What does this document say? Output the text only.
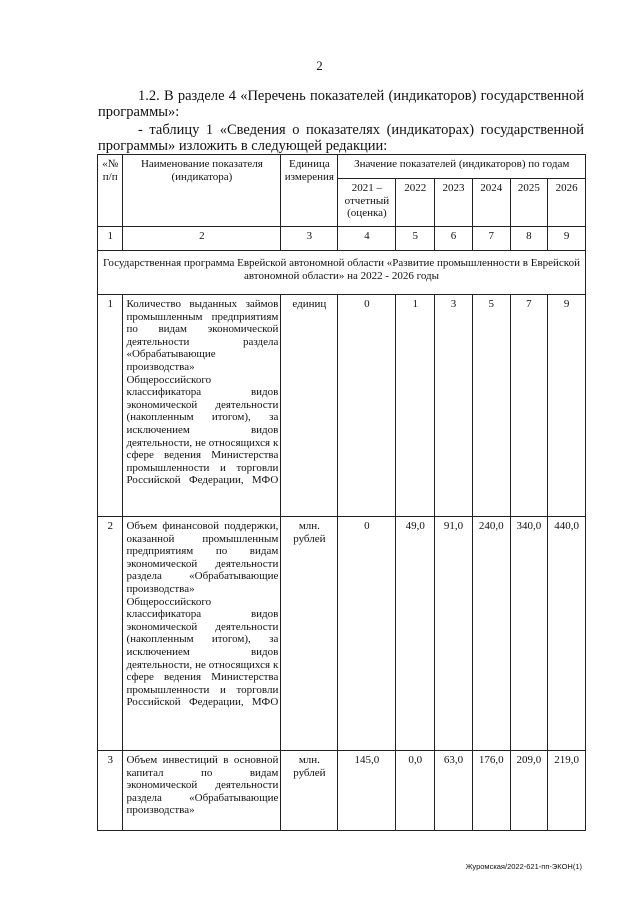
2
1.2. В разделе 4 «Перечень показателей (индикаторов) государственной программы»:
- таблицу 1 «Сведения о показателях (индикаторах) государственной программы» изложить в следующей редакции:
«№ п/п	Наименование показателя (индикатора)	Единица измерения	Значение показателей (индикаторов) по годам					
			2021 – отчетный (оценка)	2022	2023	2024	2025	2026
1	2	3	4	5	6	7	8	9
Государственная программа Еврейской автономной области «Развитие промышленности в Еврейской автономной области» на 2022 - 2026 годы								
1	Количество выданных займов промышленным предприятиям по видам экономической деятельности раздела «Обрабатывающие производства» Общероссийского классификатора видов экономической деятельности (накопленным итогом), за исключением видов деятельности, не относящихся к сфере ведения Министерства промышленности и торговли Российской Федерации, МФО	единиц	0	1	3	5	7	9
2	Объем финансовой поддержки, оказанной промышленным предприятиям по видам экономической деятельности раздела «Обрабатывающие производства» Общероссийского классификатора видов экономической деятельности (накопленным итогом), за исключением видов деятельности, не относящихся к сфере ведения Министерства промышленности и торговли Российской Федерации, МФО	млн. рублей	0	49,0	91,0	240,0	340,0	440,0
3	Объем инвестиций в основной капитал по видам экономической деятельности раздела «Обрабатывающие производства»	млн. рублей	145,0	0,0	63,0	176,0	209,0	219,0
Журомская/2022-621-пп-ЭКОН(1)
